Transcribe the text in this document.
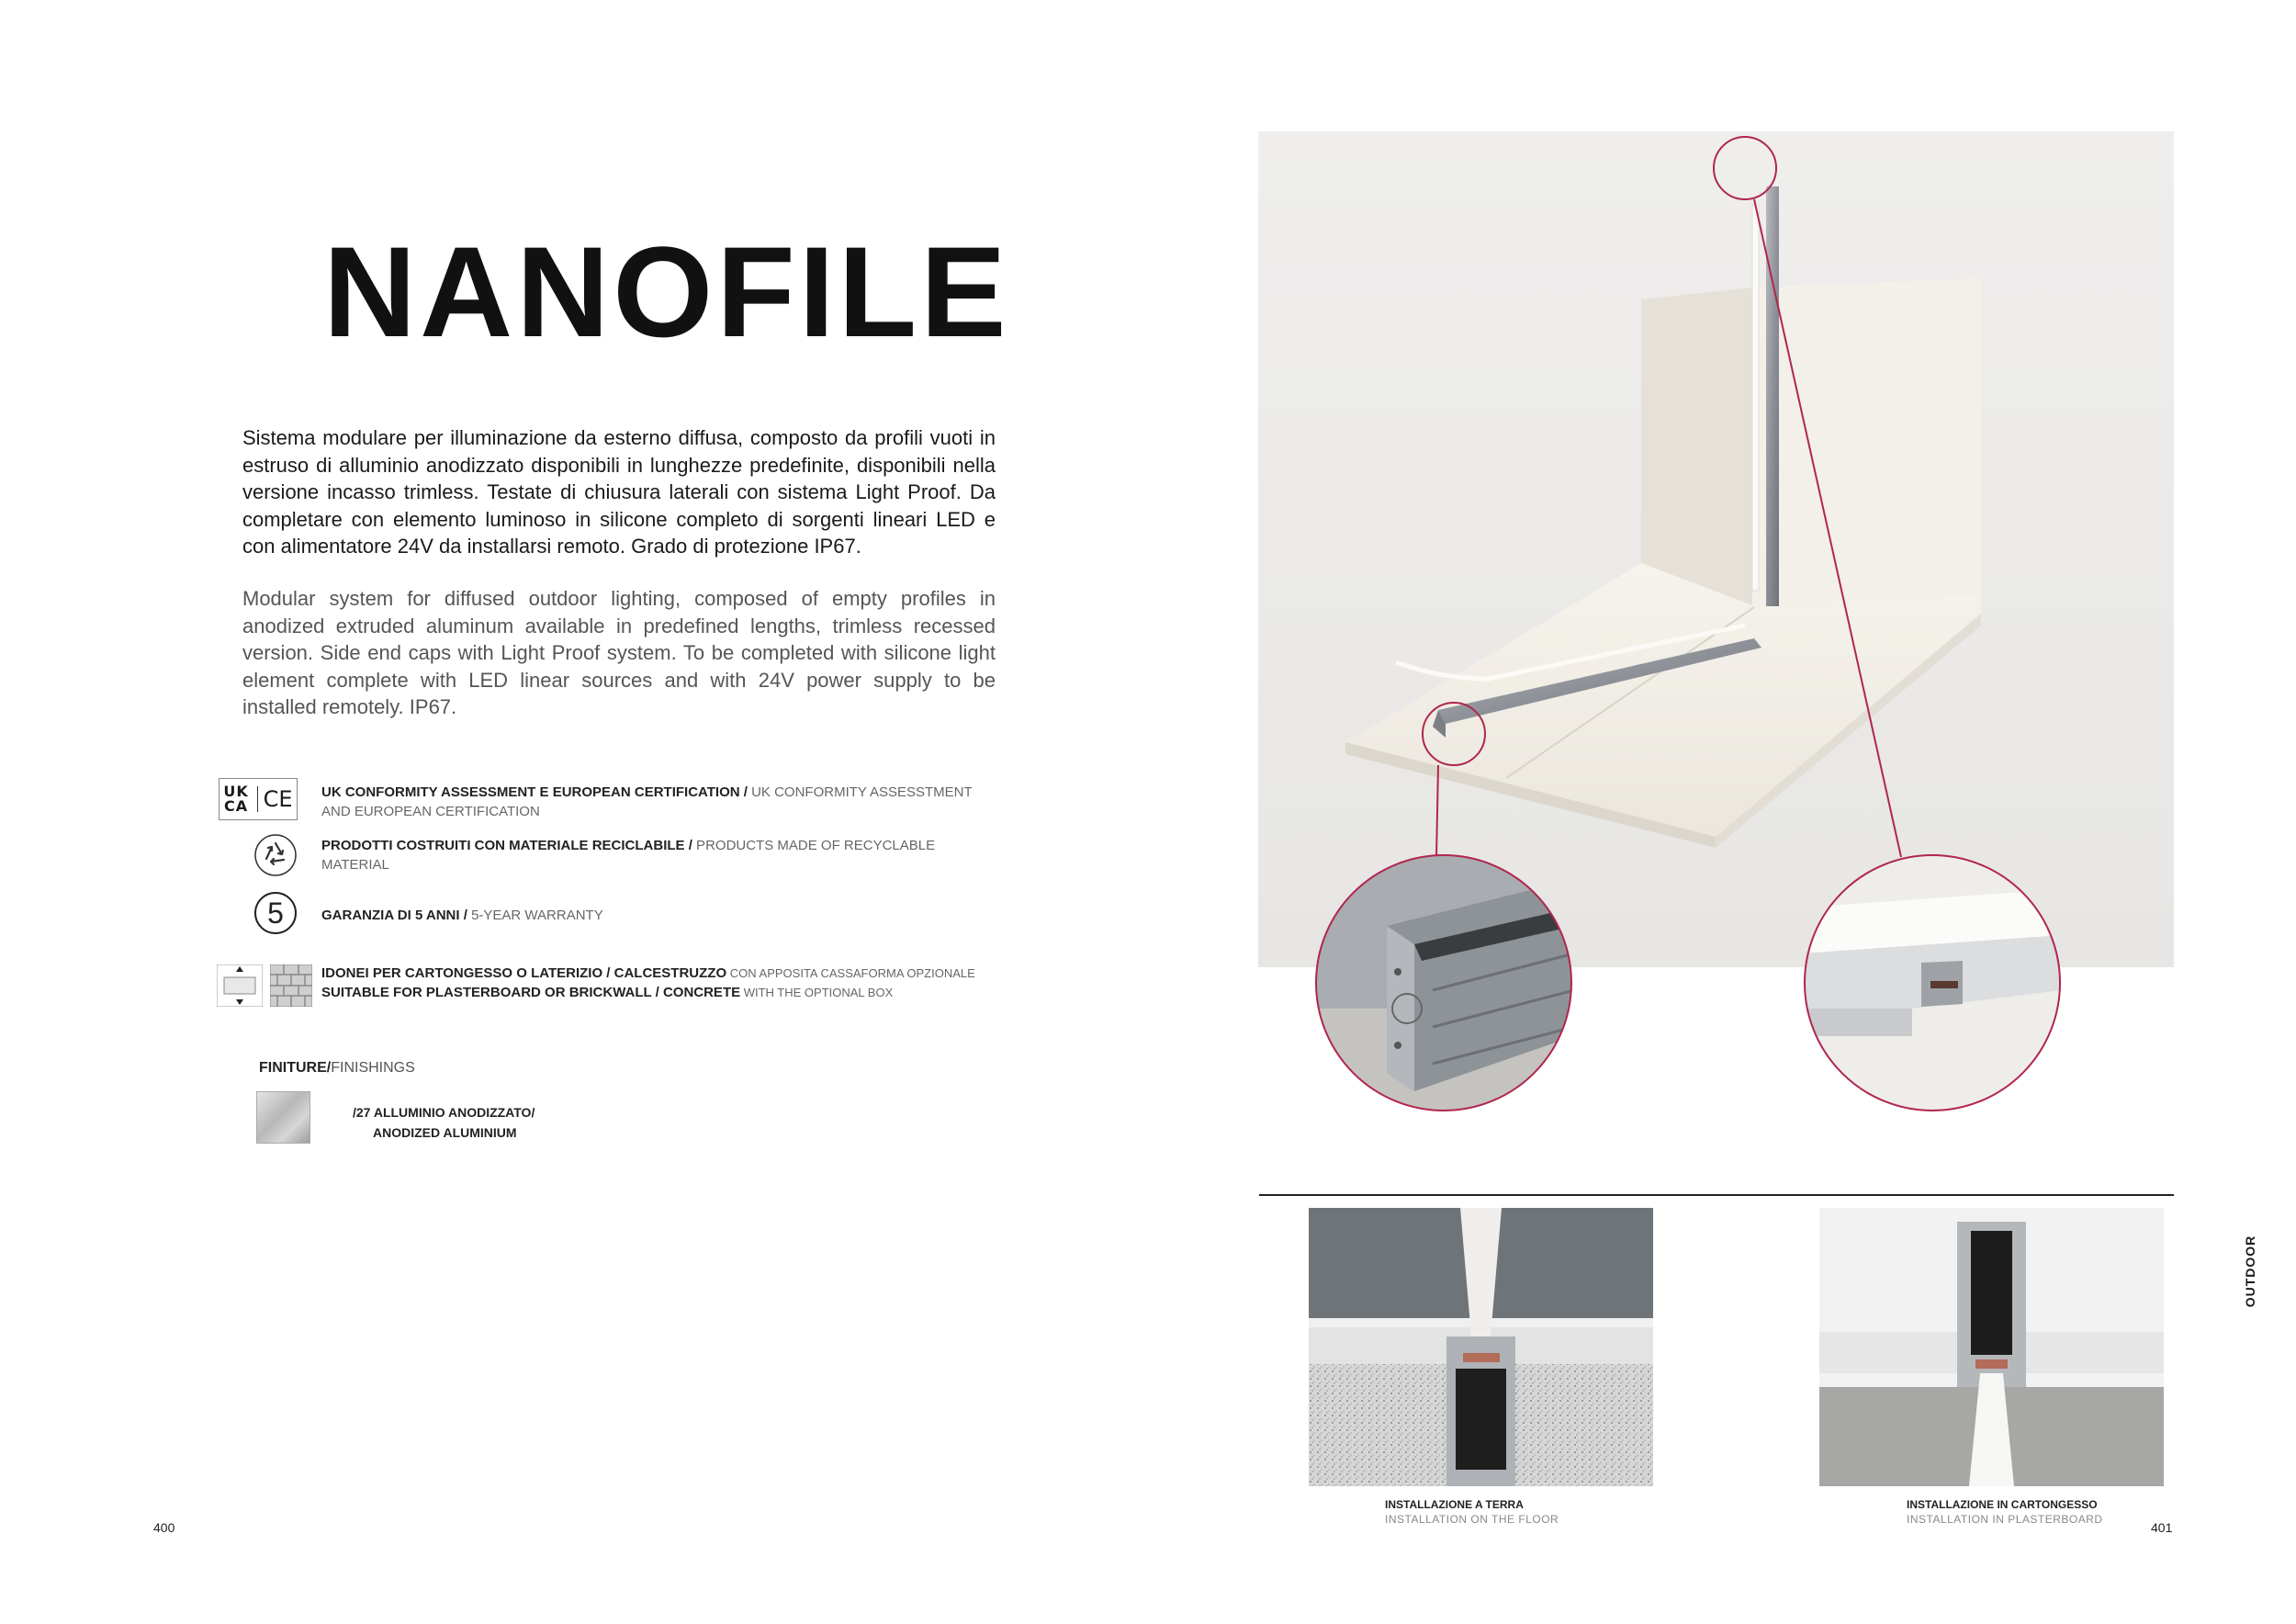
NANOFILE
Sistema modulare per illuminazione da esterno diffusa, composto da profili vuoti in estruso di alluminio anodizzato disponibili in lunghezze predefinite, disponibili nella versione incasso trimless. Testate di chiusura laterali con sistema Light Proof. Da completare con elemento luminoso in silicone completo di sorgenti lineari LED e con alimentatore 24V da installarsi remoto. Grado di protezione IP67.
Modular system for diffused outdoor lighting, composed of empty profiles in anodized extruded aluminum available in predefined lengths, trimless recessed version. Side end caps with Light Proof system. To be completed with silicone light element complete with LED linear sources and with 24V power supply to be installed remotely. IP67.
UK
CA CE UK CONFORMITY ASSESSMENT E EUROPEAN CERTIFICATION / UK CONFORMITY ASSESSTMENT AND EUROPEAN CERTIFICATION
PRODOTTI COSTRUITI CON MATERIALE RECICLABILE / PRODUCTS MADE OF RECYCLABLE MATERIAL
5	GARANZIA DI 5 ANNI / 5-YEAR WARRANTY
IDONEI PER CARTONGESSO O LATERIZIO / CALCESTRUZZO CON APPOSITA CASSAFORMA OPZIONALE
SUITABLE FOR PLASTERBOARD OR BRICKWALL / CONCRETE WITH THE OPTIONAL BOX
FINITURE/FINISHINGS
/27 ALLUMINIO ANODIZZATO/
ANODIZED ALUMINIUM
400
INSTALLAZIONE A TERRA
INSTALLATION ON THE FLOOR
INSTALLAZIONE IN CARTONGESSO
INSTALLATION IN PLASTERBOARD
OUTDOOR
401
